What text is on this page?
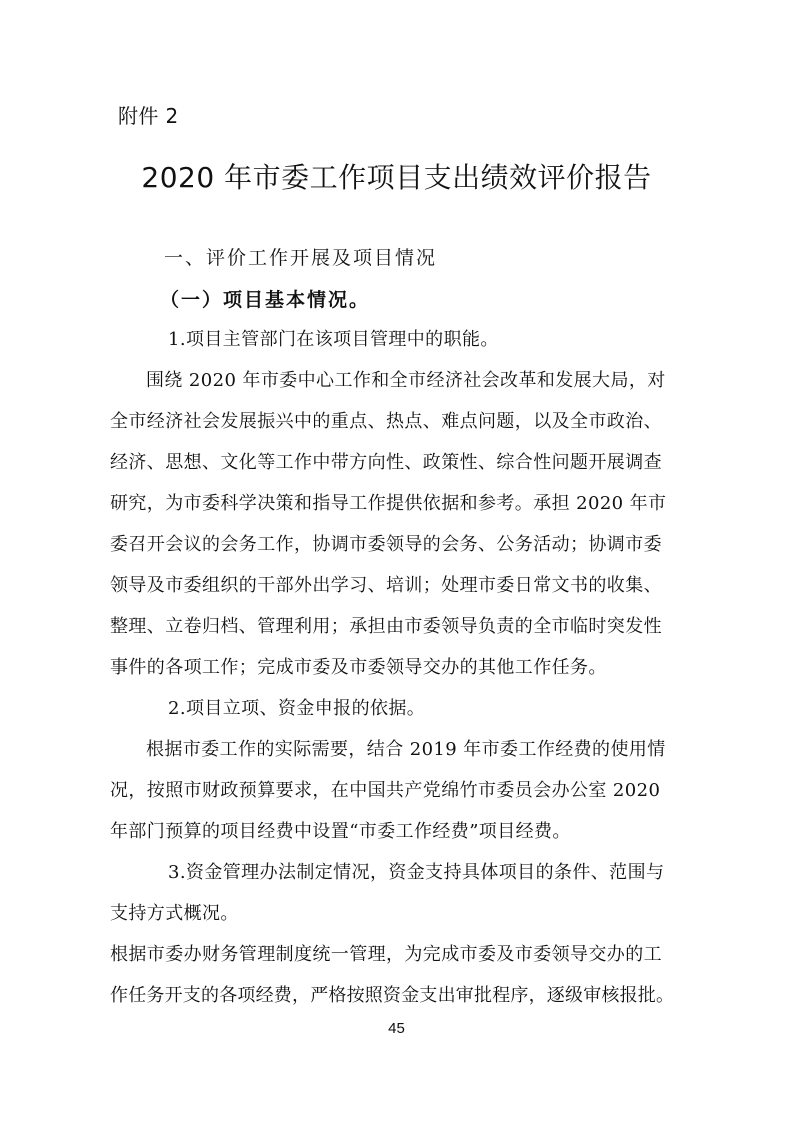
附件 2
2020 年市委工作项目支出绩效评价报告
一、评价工作开展及项目情况
（一）项目基本情况。
1.项目主管部门在该项目管理中的职能。
围绕 2020 年市委中心工作和全市经济社会改革和发展大局，对
全市经济社会发展振兴中的重点、热点、难点问题，以及全市政治、
经济、思想、文化等工作中带方向性、政策性、综合性问题开展调查
研究，为市委科学决策和指导工作提供依据和参考。承担 2020 年市
委召开会议的会务工作，协调市委领导的会务、公务活动；协调市委
领导及市委组织的干部外出学习、培训；处理市委日常文书的收集、
整理、立卷归档、管理利用；承担由市委领导负责的全市临时突发性
事件的各项工作；完成市委及市委领导交办的其他工作任务。
2.项目立项、资金申报的依据。
根据市委工作的实际需要，结合 2019 年市委工作经费的使用情
况，按照市财政预算要求，在中国共产党绵竹市委员会办公室 2020
年部门预算的项目经费中设置“市委工作经费”项目经费。
3.资金管理办法制定情况，资金支持具体项目的条件、范围与
支持方式概况。
根据市委办财务管理制度统一管理，为完成市委及市委领导交办的工
作任务开支的各项经费，严格按照资金支出审批程序，逐级审核报批。
45
